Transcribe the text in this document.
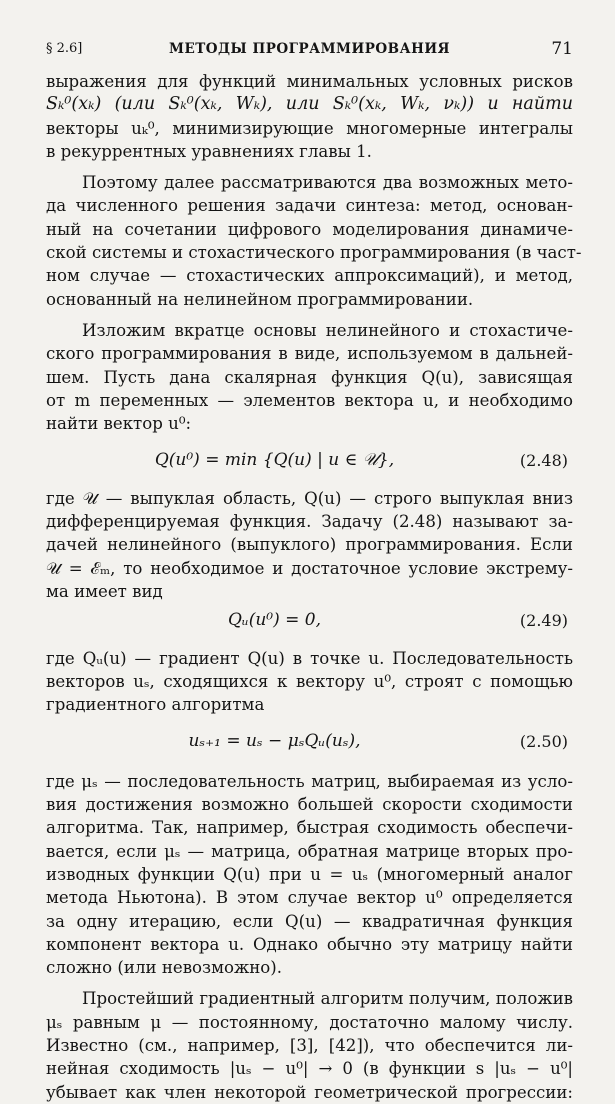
§ 2.6]	МЕТОДЫ ПРОГРАММИРОВАНИЯ	71
выражения для функций минимальных условных рисков
Sₖ⁰(xₖ) (или Sₖ⁰(xₖ, Wₖ), или Sₖ⁰(xₖ, Wₖ, νₖ)) и найти
векторы uₖ⁰, минимизирующие многомерные интегралы
в рекуррентных уравнениях главы 1.
Поэтому далее рассматриваются два возможных мето-
да численного решения задачи синтеза: метод, основан-
ный на сочетании цифрового моделирования динамиче-
ской системы и стохастического программирования (в част-
ном случае — стохастических аппроксимаций), и метод,
основанный на нелинейном программировании.
Изложим вкратце основы нелинейного и стохастиче-
ского программирования в виде, используемом в дальней-
шем. Пусть дана скалярная функция Q(u), зависящая
от m переменных — элементов вектора u, и необходимо
найти вектор u⁰:
Q(u⁰) = min {Q(u) | u ∈ 𝒰},	(2.48)
где 𝒰 — выпуклая область, Q(u) — строго выпуклая вниз
дифференцируемая функция. Задачу (2.48) называют за-
дачей нелинейного (выпуклого) программирования. Если
𝒰 = ℰₘ, то необходимое и достаточное условие экстрему-
ма имеет вид
Qᵤ(u⁰) = 0,	(2.49)
где Qᵤ(u) — градиент Q(u) в точке u. Последовательность
векторов uₛ, сходящихся к вектору u⁰, строят с помощью
градиентного алгоритма
uₛ₊₁ = uₛ − μₛQᵤ(uₛ),	(2.50)
где μₛ — последовательность матриц, выбираемая из усло-
вия достижения возможно большей скорости сходимости
алгоритма. Так, например, быстрая сходимость обеспечи-
вается, если μₛ — матрица, обратная матрице вторых про-
изводных функции Q(u) при u = uₛ (многомерный аналог
метода Ньютона). В этом случае вектор u⁰ определяется
за одну итерацию, если Q(u) — квадратичная функция
компонент вектора u. Однако обычно эту матрицу найти
сложно (или невозможно).
Простейший градиентный алгоритм получим, положив
μₛ равным μ — постоянному, достаточно малому числу.
Известно (см., например, [3], [42]), что обеспечится ли-
нейная сходимость |uₛ − u⁰| → 0 (в функции s |uₛ − u⁰|
убывает как член некоторой геометрической прогрессии:
